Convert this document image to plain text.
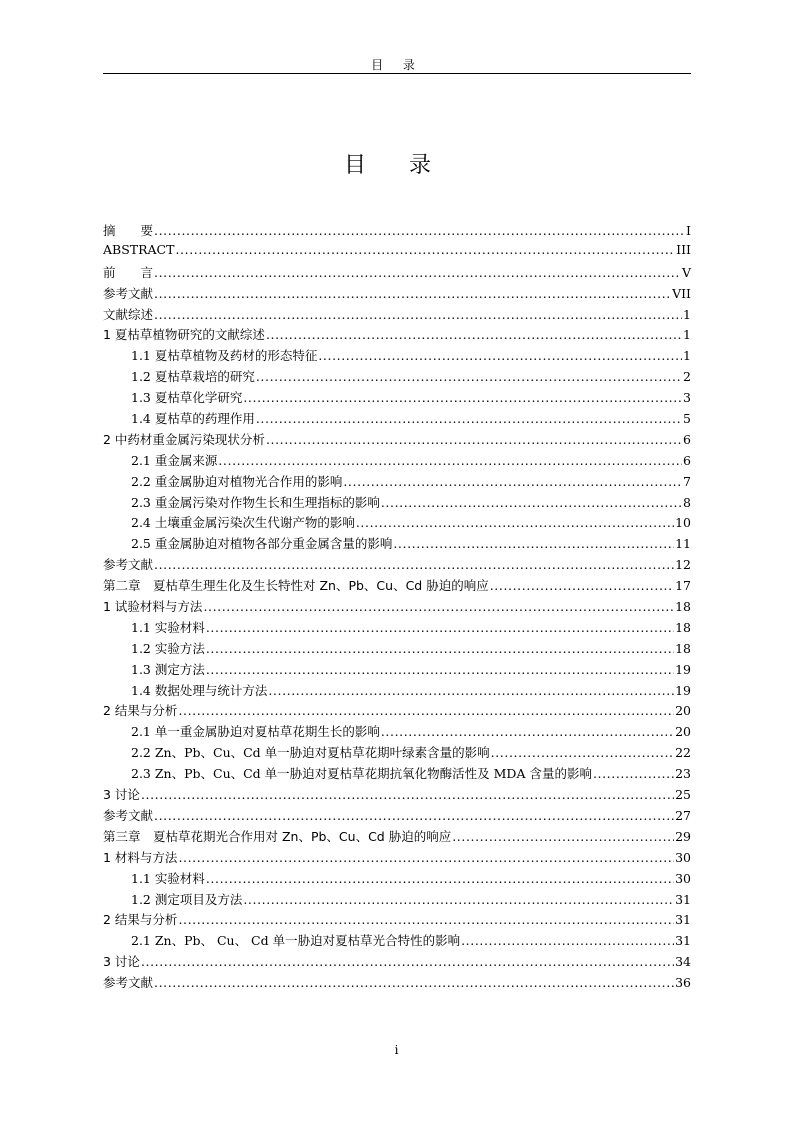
目 录
目 录
摘　　要 .....	I
ABSTRACT .....	III
前　　言 .....	V
参考文献 .....	VII
文献综述 .....	1
1 夏枯草植物研究的文献综述 .....	1
1.1 夏枯草植物及药材的形态特征 .....	1
1.2 夏枯草栽培的研究 .....	2
1.3 夏枯草化学研究 .....	3
1.4 夏枯草的药理作用 .....	5
2 中药材重金属污染现状分析 .....	6
2.1 重金属来源 .....	6
2.2 重金属胁迫对植物光合作用的影响 .....	7
2.3 重金属污染对作物生长和生理指标的影响 .....	8
2.4 土壤重金属污染次生代谢产物的影响 .....	10
2.5 重金属胁迫对植物各部分重金属含量的影响 .....	11
参考文献 .....	12
第二章　夏枯草生理生化及生长特性对 Zn、Pb、Cu、Cd 胁迫的响应 .....	17
1 试验材料与方法 .....	18
1.1 实验材料 .....	18
1.2 实验方法 .....	18
1.3 测定方法 .....	19
1.4 数据处理与统计方法 .....	19
2 结果与分析 .....	20
2.1 单一重金属胁迫对夏枯草花期生长的影响 .....	20
2.2 Zn、Pb、Cu、Cd 单一胁迫对夏枯草花期叶绿素含量的影响 .....	22
2.3 Zn、Pb、Cu、Cd 单一胁迫对夏枯草花期抗氧化物酶活性及 MDA 含量的影响 .....	23
3 讨论 .....	25
参考文献 .....	27
第三章　夏枯草花期光合作用对 Zn、Pb、Cu、Cd 胁迫的响应 .....	29
1 材料与方法 .....	30
1.1 实验材料 .....	30
1.2 测定项目及方法 .....	31
2 结果与分析 .....	31
2.1 Zn、Pb、 Cu、 Cd 单一胁迫对夏枯草光合特性的影响 .....	31
3 讨论 .....	34
参考文献 .....	36
i
